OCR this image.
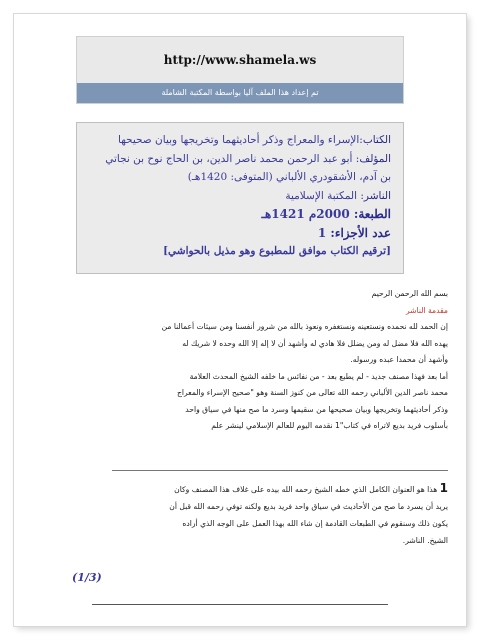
http://www.shamela.ws
تم إعداد هذا الملف آليا بواسطة المكتبة الشاملة
الكتاب:الإسراء والمعراج وذكر أحاديثهما وتخريجها وبيان صحيحها
المؤلف: أبو عبد الرحمن محمد ناصر الدين، بن الحاج نوح بن نجاتي
بن آدم، الأشقودري الألباني (المتوفى: 1420هـ)
الناشر: المكتبة الإسلامية
الطبعة: 2000م 1421هـ
عدد الأجزاء: 1
[ترقيم الكتاب موافق للمطبوع وهو مذيل بالحواشي]

بسم الله الرحمن الرحيم

مقدمة الناشر

إن الحمد لله نحمده ونستعينه ونستغفره ونعوذ بالله من شرور أنفسنا ومن سيئات أعمالنا من

يهده الله فلا مضل له ومن يضلل فلا هادي له وأشهد أن لا إله إلا الله وحده لا شريك له

وأشهد أن محمدا عبده ورسوله.

أما بعد فهذا مصنف جديد - لم يطبع بعد - من نفائس ما خلفه الشيخ المحدث العلامة

محمد ناصر الدين الألباني رحمه الله تعالى من كنوز السنة وهو "صحيح الإسراء والمعراج

وذكر أحاديثهما وتخريجها وبيان صحيحها من سقيمها وسرد ما صح منها في سياق واحد

بأسلوب فريد بديع لاتراه في كتاب"1 نقدمه اليوم للعالم الإسلامي لينشر علم

1 هذا هو العنوان الكامل الذي خطه الشيخ رحمه الله بيده على غلاف هذا المصنف وكان

يريد أن يسرد ما صح من الأحاديث في سياق واحد فريد بديع ولكنه توفي رحمه الله قبل أن

يكون ذلك وسنقوم في الطبعات القادمة إن شاء الله بهذا العمل على الوجه الذي أراده

الشيخ. الناشر.

(1/3)
